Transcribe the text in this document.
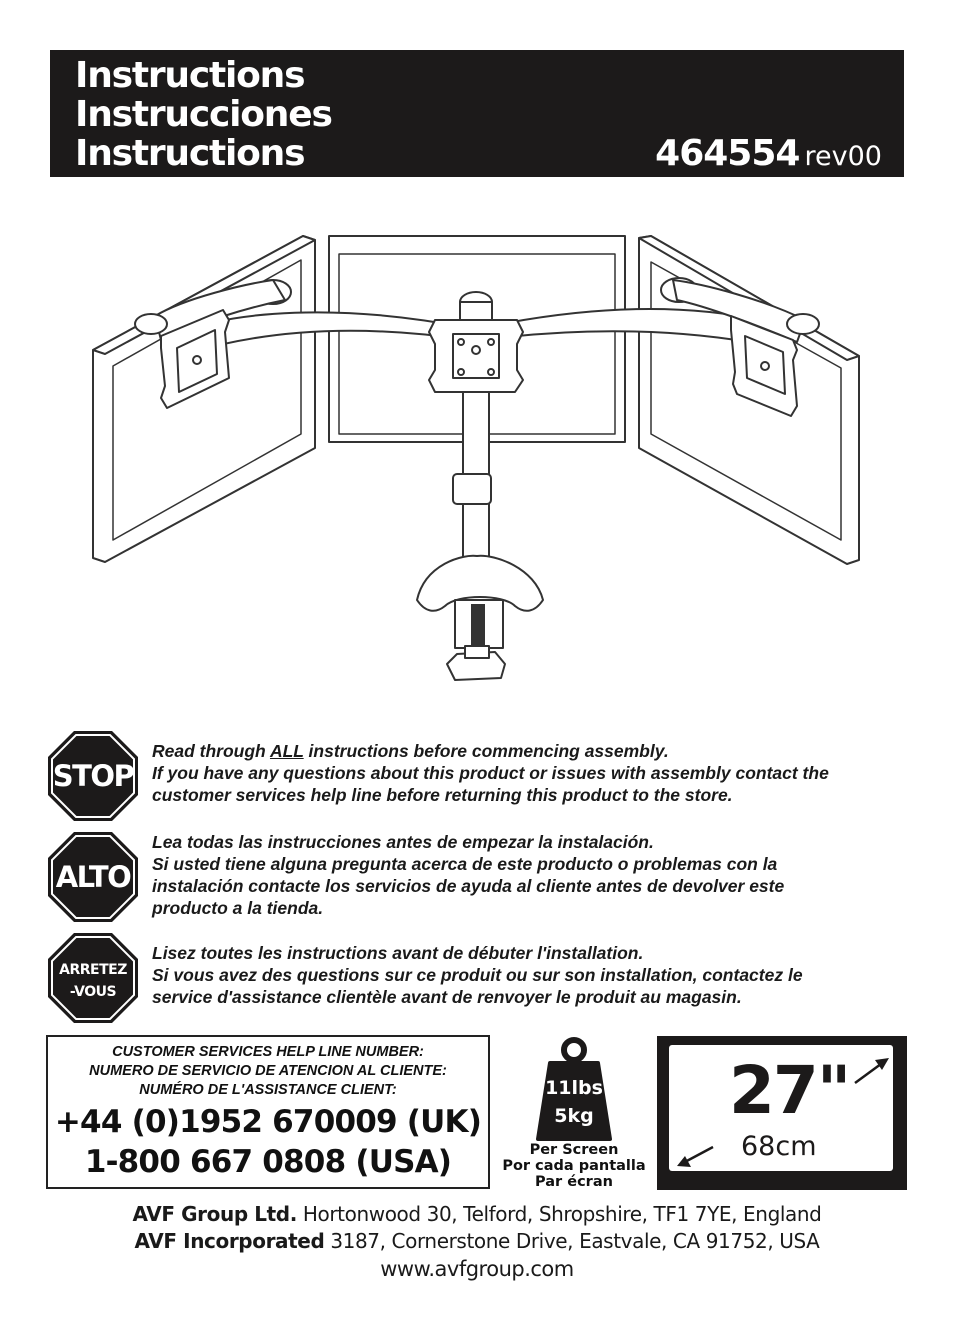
Instructions
Instrucciones
Instructions	464554 rev00
STOP
Read through ALL instructions before commencing assembly.
If you have any questions about this product or issues with assembly contact the
customer services help line before returning this product to the store.
ALTO
Lea todas las instrucciones antes de empezar la instalación.
Si usted tiene alguna pregunta acerca de este producto o problemas con la
instalación contacte los servicios de ayuda al cliente antes de devolver este
producto a la tienda.
ARRETEZ
-VOUS
Lisez toutes les instructions avant de débuter l'installation.
Si vous avez des questions sur ce produit ou sur son installation, contactez le
service d'assistance clientèle avant de renvoyer le produit au magasin.
CUSTOMER SERVICES HELP LINE NUMBER:
NUMERO DE SERVICIO DE ATENCION AL CLIENTE:
NUMÉRO DE L'ASSISTANCE CLIENT:
+44 (0)1952 670009 (UK)
1-800 667 0808 (USA)
11lbs
5kg
Per Screen
Por cada pantalla
Par écran
27"
68cm
AVF Group Ltd. Hortonwood 30, Telford, Shropshire, TF1 7YE, England
AVF Incorporated 3187, Cornerstone Drive, Eastvale, CA 91752, USA
www.avfgroup.com
